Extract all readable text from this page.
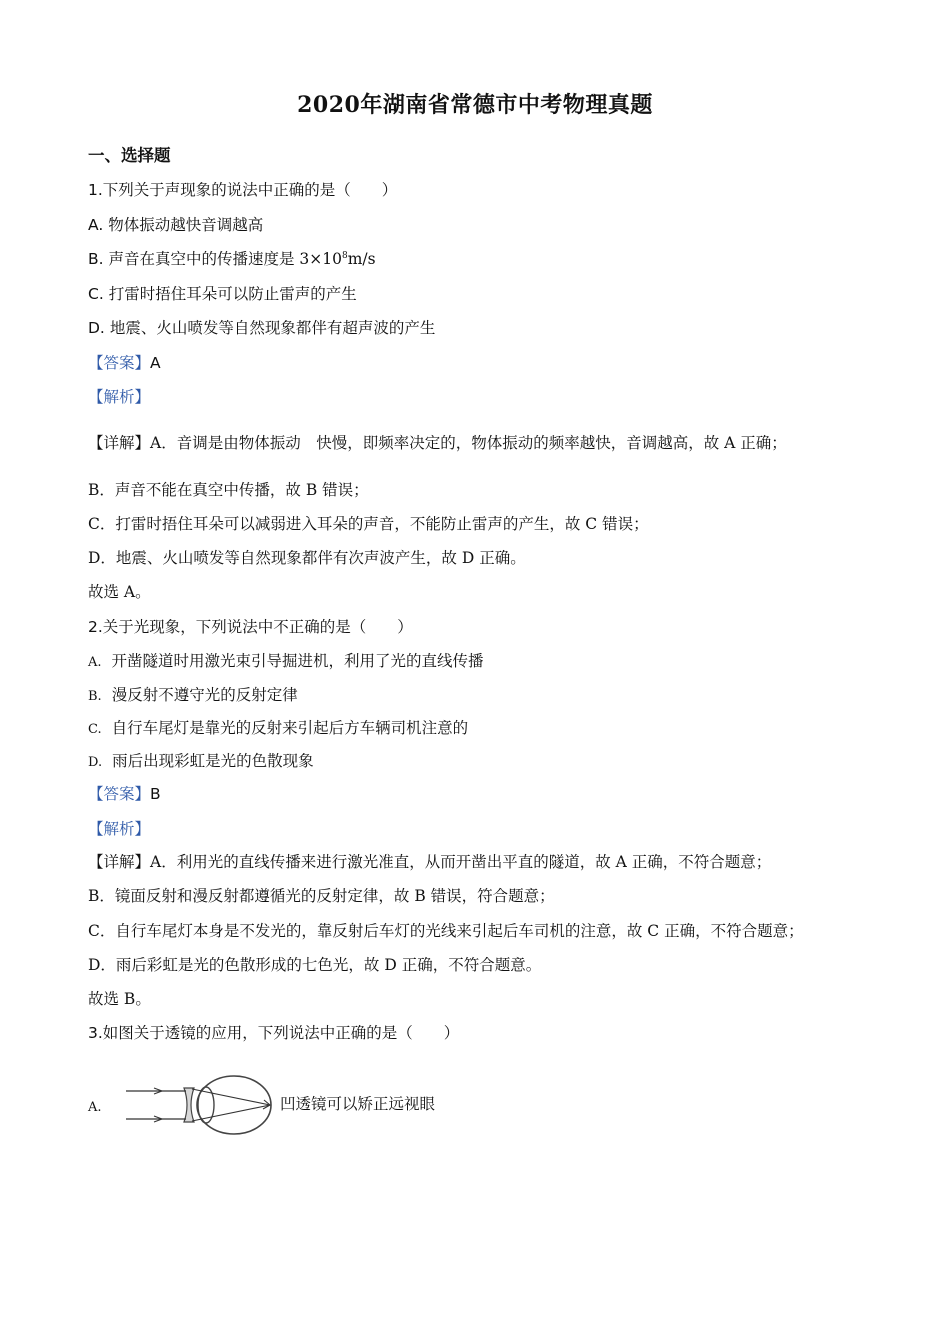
2020年湖南省常德市中考物理真题
一、选择题
1.下列关于声现象的说法中正确的是（　　）
A. 物体振动越快音调越高
B. 声音在真空中的传播速度是 $3\times 10^8m/s$
C. 打雷时捂住耳朵可以防止雷声的产生
D. 地震、火山喷发等自然现象都伴有超声波的产生
【答案】A
【解析】
【详解】A．音调是由物体振动　快慢，即频率决定的，物体振动的频率越快，音调越高，故 A 正确；
B．声音不能在真空中传播，故 B 错误；
C．打雷时捂住耳朵可以减弱进入耳朵的声音，不能防止雷声的产生，故 C 错误；
D．地震、火山喷发等自然现象都伴有次声波产生，故 D 正确。
故选 A。
2.关于光现象，下列说法中不正确的是（　　）
A. 开凿隧道时用激光束引导掘进机，利用了光的直线传播
B. 漫反射不遵守光的反射定律
C. 自行车尾灯是靠光的反射来引起后方车辆司机注意的
D. 雨后出现彩虹是光的色散现象
【答案】B
【解析】
【详解】A．利用光的直线传播来进行激光准直，从而开凿出平直的隧道，故 A 正确，不符合题意；
B．镜面反射和漫反射都遵循光的反射定律，故 B 错误，符合题意；
C．自行车尾灯本身是不发光的，靠反射后车灯的光线来引起后车司机的注意，故 C 正确，不符合题意；
D．雨后彩虹是光的色散形成的七色光，故 D 正确，不符合题意。
故选 B。
3.如图关于透镜的应用，下列说法中正确的是（　　）
A.	凹透镜可以矫正远视眼
